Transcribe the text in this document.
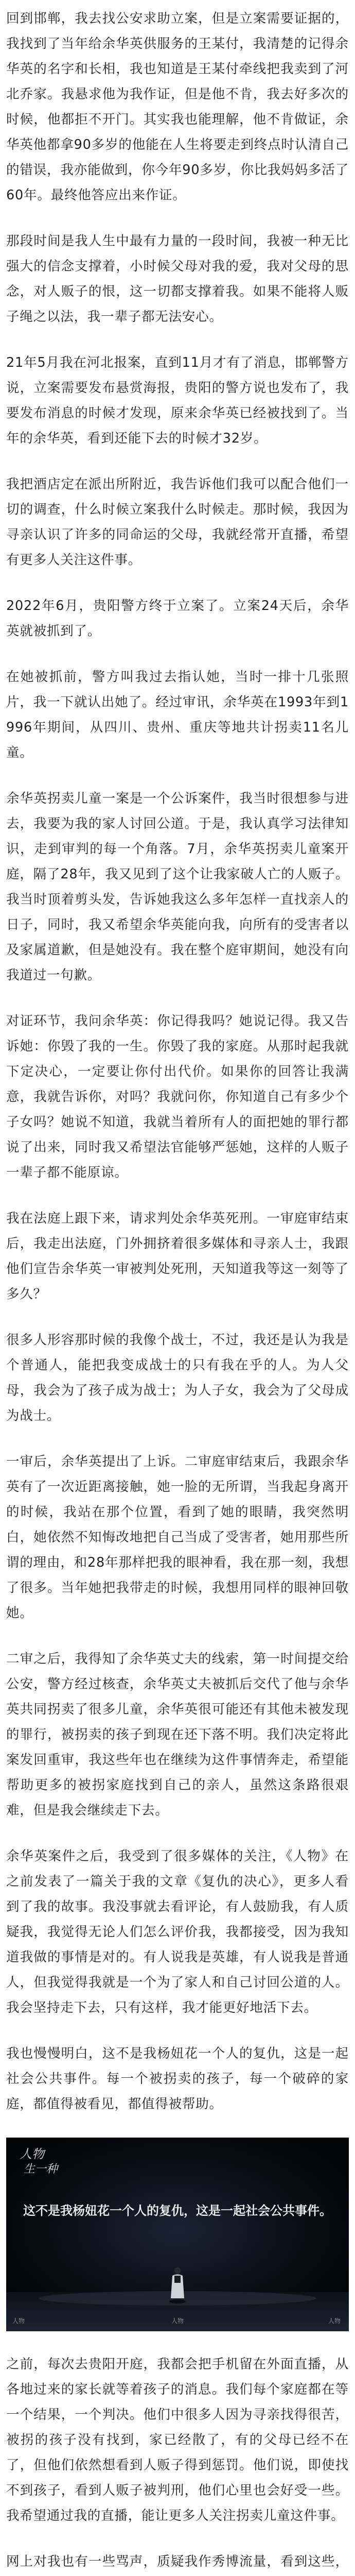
回到邯郸，我去找公安求助立案，但是立案需要证据的，我找到了当年给余华英供服务的王某付，我清楚的记得余华英的名字和长相，我也知道是王某付牵线把我卖到了河北乔家。我悬求他为我作证，但是他不肯，我去好多次的时候，他都拒不开门。其实我也能理解，他不肯做证，余华英他都拿90多岁的他能在人生将要走到终点时认清自己的错误，我亦能做到，你今年90多岁，你比我妈妈多活了60年。最终他答应出来作证。

那段时间是我人生中最有力量的一段时间，我被一种无比强大的信念支撑着，小时候父母对我的爱，我对父母的思念，对人贩子的恨，这一切都支撑着我。如果不能将人贩子绳之以法，我一辈子都无法安心。

21年5月我在河北报案，直到11月才有了消息，邯郸警方说，立案需要发布悬赏海报，贵阳的警方说也发布了，我要发布消息的时候才发现，原来余华英已经被找到了。当年的余华英，看到还能下去的时候才32岁。

我把酒店定在派出所附近，我告诉他们我可以配合他们一切的调查，什么时候立案我什么时候走。那时候，我因为寻亲认识了许多的同命运的父母，我就经常开直播，希望有更多人关注这件事。

2022年6月，贵阳警方终于立案了。立案24天后，余华英就被抓到了。

在她被抓前，警方叫我过去指认她，当时一排十几张照片，我一下就认出她了。经过审讯，余华英在1993年到1996年期间，从四川、贵州、重庆等地共计拐卖11名儿童。

余华英拐卖儿童一案是一个公诉案件，我当时很想参与进去，我要为我的家人讨回公道。于是，我认真学习法律知识，走到审判的每一个角落。7月，余华英拐卖儿童案开庭，隔了28年，我又见到了这个让我家破人亡的人贩子。我当时顶着剪头发，告诉她我这么多年怎样一直找亲人的日子，同时，我又希望余华英能向我，向所有的受害者以及家属道歉，但是她没有。我在整个庭审期间，她没有向我道过一句歉。

对证环节，我问余华英：你记得我吗？她说记得。我又告诉她：你毁了我的一生。你毁了我的家庭。从那时起我就下定决心，一定要让你付出代价。如果你的回答让我满意，我就告诉你，对吗？我就问你，你知道自己有多少个子女吗？她说不知道，我就当着所有人的面把她的罪行都说了出来，同时我又希望法官能够严惩她，这样的人贩子一辈子都不能原谅。

我在法庭上跟下来，请求判处余华英死刑。一审庭审结束后，我走出法庭，门外拥挤着很多媒体和寻亲人士，我跟他们宣告余华英一审被判处死刑，天知道我等这一刻等了多久？

很多人形容那时候的我像个战士，不过，我还是认为我是个普通人，能把我变成战士的只有我在乎的人。为人父母，我会为了孩子成为战士；为人子女，我会为了父母成为战士。

一审后，余华英提出了上诉。二审庭审结束后，我跟余华英有了一次近距离接触，她一脸的无所谓，当我起身离开的时候，我站在那个位置，看到了她的眼睛，我突然明白，她依然不知悔改地把自己当成了受害者，她用那些所谓的理由，和28年那样把我的眼神看，我在那一刻，我想了很多。当年她把我带走的时候，我想用同样的眼神回敬她。

二审之后，我得知了余华英丈夫的线索，第一时间提交给公安，警方经过核查，余华英丈夫被抓后交代了他与余华英共同拐卖了很多儿童，余华英很可能还有其他未被发现的罪行，被拐卖的孩子到现在还下落不明。我们决定将此案发回重审，我这些年也在继续为这件事情奔走，希望能帮助更多的被拐家庭找到自己的亲人，虽然这条路很艰难，但是我会继续走下去。

余华英案件之后，我受到了很多媒体的关注，《人物》在之前发表了一篇关于我的文章《复仇的决心》，更多人看到了我的故事。我没事就去看评论，有人鼓励我，有人质疑我，我觉得无论人们怎么评价我，我都接受，因为我知道我做的事情是对的。有人说我是英雄，有人说我是普通人，但我觉得我就是一个为了家人和自己讨回公道的人。我会坚持走下去，只有这样，我才能更好地活下去。

我也慢慢明白，这不是我杨妞花一个人的复仇，这是一起社会公共事件。每一个被拐卖的孩子，每一个破碎的家庭，都值得被看见，都值得被帮助。

人物
生一种
这不是我杨妞花一个人的复仇，这是一起社会公共事件。
人物	人物	人物

之前，每次去贵阳开庭，我都会把手机留在外面直播，从各地过来的家长就等着孩子的消息。我们每个家庭都在等一个结果，一个判决。他们中很多人因为寻亲找得很苦，被拐的孩子没有找到，家已经散了，有的父母已经不在了，但他们依然想看到人贩子得到惩罚。他们说，即使找不到孩子，看到人贩子被判刑，他们心里也会好受一些。我希望通过我的直播，能让更多人关注拐卖儿童这件事。

网上对我也有一些骂声，质疑我作秀博流量，看到这些，
